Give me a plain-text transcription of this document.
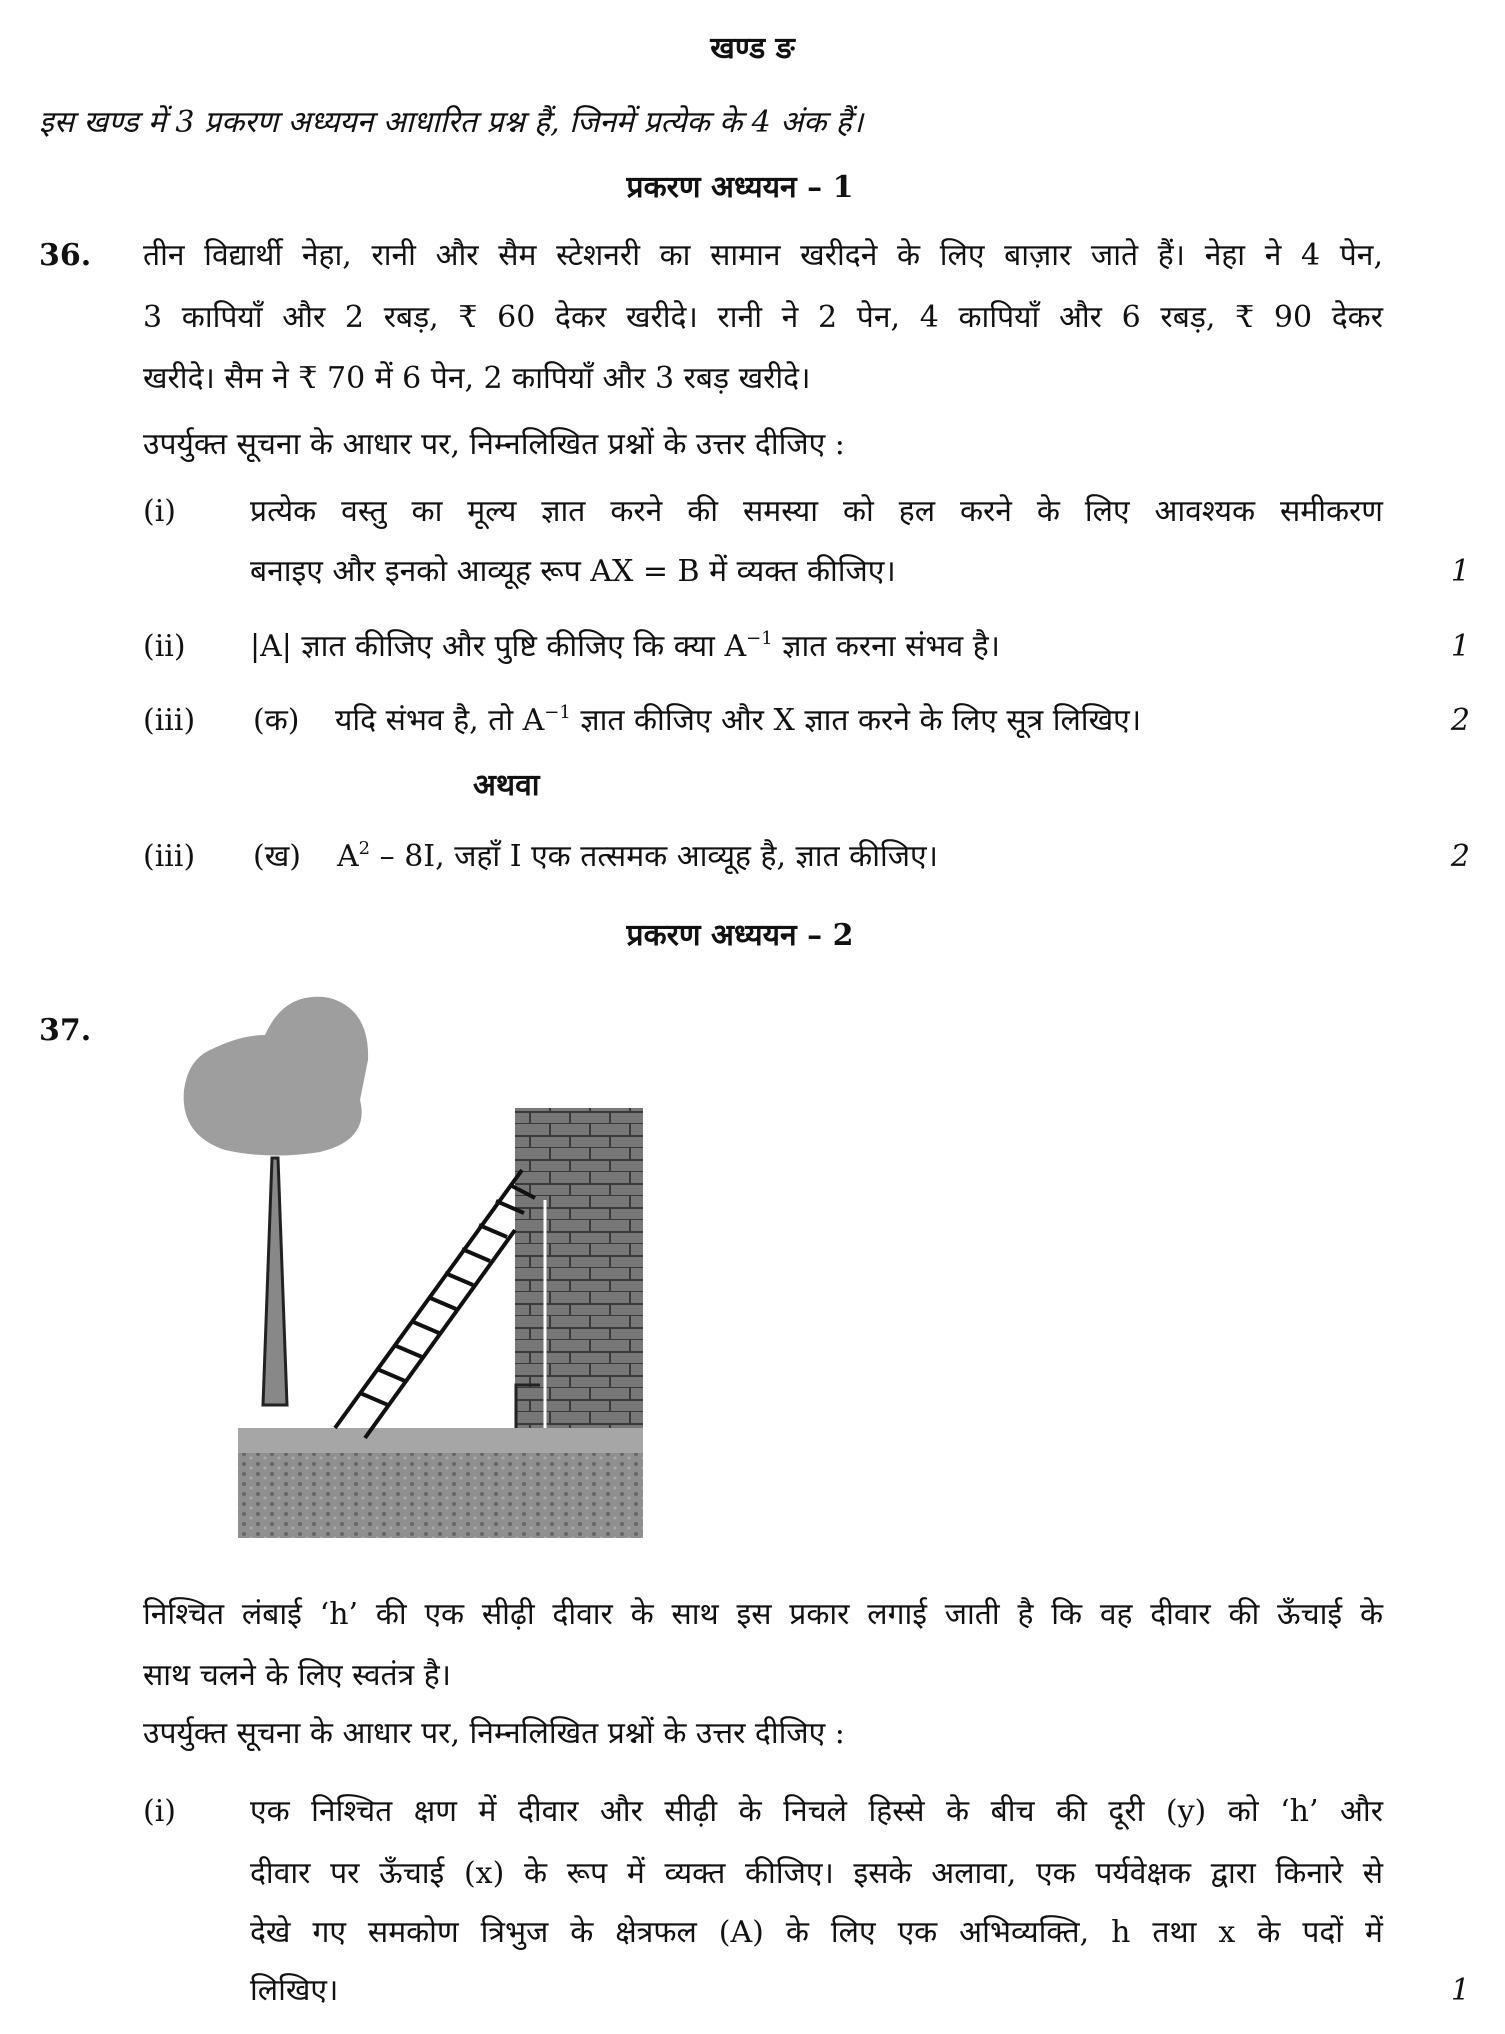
खण्ड ङ
इस खण्ड में 3 प्रकरण अध्ययन आधारित प्रश्न हैं, जिनमें प्रत्येक के 4 अंक हैं।
प्रकरण अध्ययन – 1
36. तीन विद्यार्थी नेहा, रानी और सैम स्टेशनरी का सामान खरीदने के लिए बाज़ार जाते हैं। नेहा ने 4 पेन,
3 कापियाँ और 2 रबड़, ₹ 60 देकर खरीदे। रानी ने 2 पेन, 4 कापियाँ और 6 रबड़, ₹ 90 देकर
खरीदे। सैम ने ₹ 70 में 6 पेन, 2 कापियाँ और 3 रबड़ खरीदे।
उपर्युक्त सूचना के आधार पर, निम्नलिखित प्रश्नों के उत्तर दीजिए :
(i) प्रत्येक वस्तु का मूल्य ज्ञात करने की समस्या को हल करने के लिए आवश्यक समीकरण
बनाइए और इनको आव्यूह रूप AX = B में व्यक्त कीजिए।	1
(ii) |A| ज्ञात कीजिए और पुष्टि कीजिए कि क्या $A^{-1}$ ज्ञात करना संभव है।	1
(iii) (क) यदि संभव है, तो $A^{-1}$ ज्ञात कीजिए और X ज्ञात करने के लिए सूत्र लिखिए।	2
अथवा
(iii) (ख) $A^2 - 8I$, जहाँ I एक तत्समक आव्यूह है, ज्ञात कीजिए।	2
प्रकरण अध्ययन – 2
37.
निश्चित लंबाई ‘h’ की एक सीढ़ी दीवार के साथ इस प्रकार लगाई जाती है कि वह दीवार की ऊँचाई के
साथ चलने के लिए स्वतंत्र है।
उपर्युक्त सूचना के आधार पर, निम्नलिखित प्रश्नों के उत्तर दीजिए :
(i) एक निश्चित क्षण में दीवार और सीढ़ी के निचले हिस्से के बीच की दूरी (y) को ‘h’ और
दीवार पर ऊँचाई (x) के रूप में व्यक्त कीजिए। इसके अलावा, एक पर्यवेक्षक द्वारा किनारे से
देखे गए समकोण त्रिभुज के क्षेत्रफल (A) के लिए एक अभिव्यक्ति, h तथा x के पदों में
लिखिए।	1
